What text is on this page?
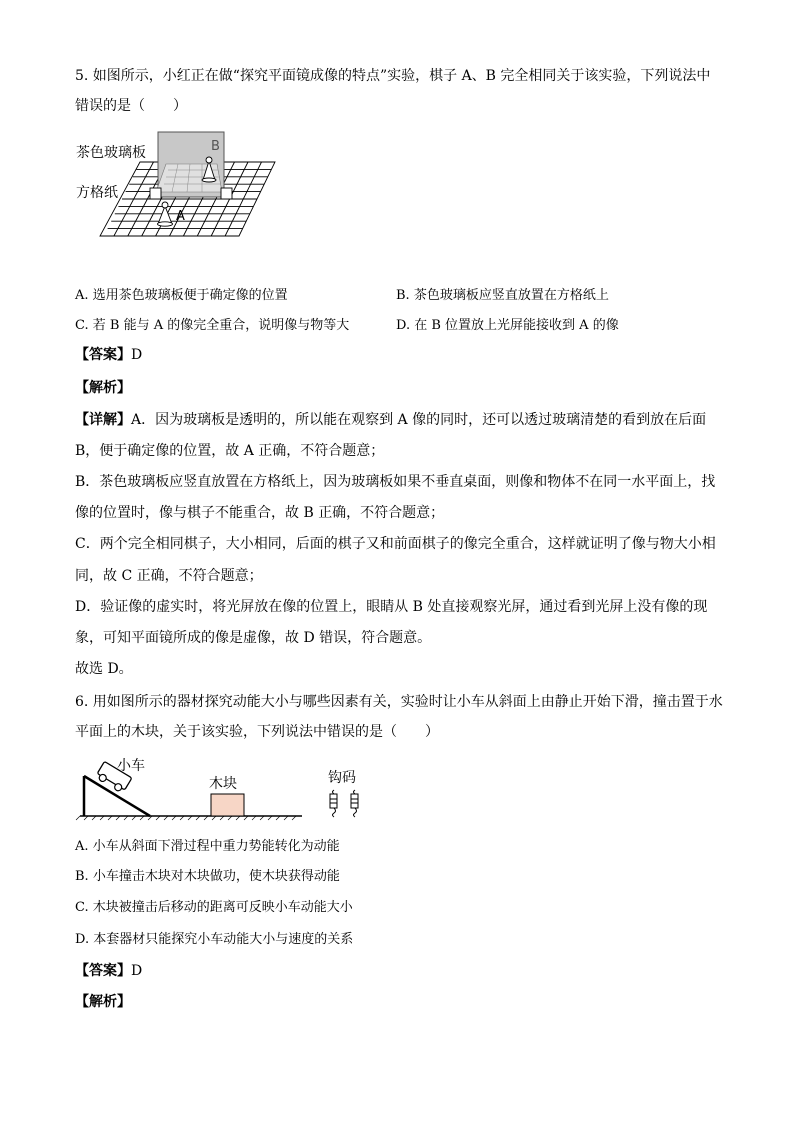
5. 如图所示，小红正在做“探究平面镜成像的特点”实验，棋子 A、B 完全相同关于该实验，下列说法中
错误的是（　　）
B
A
茶色玻璃板
方格纸
A. 选用茶色玻璃板便于确定像的位置	B. 茶色玻璃板应竖直放置在方格纸上
C. 若 B 能与 A 的像完全重合，说明像与物等大	D. 在 B 位置放上光屏能接收到 A 的像
【答案】D
【解析】
【详解】A．因为玻璃板是透明的，所以能在观察到 A 像的同时，还可以透过玻璃清楚的看到放在后面
B，便于确定像的位置，故 A 正确，不符合题意；
B．茶色玻璃板应竖直放置在方格纸上，因为玻璃板如果不垂直桌面，则像和物体不在同一水平面上，找
像的位置时，像与棋子不能重合，故 B 正确，不符合题意；
C．两个完全相同棋子，大小相同，后面的棋子又和前面棋子的像完全重合，这样就证明了像与物大小相
同，故 C 正确，不符合题意；
D．验证像的虚实时，将光屏放在像的位置上，眼睛从 B 处直接观察光屏，通过看到光屏上没有像的现
象，可知平面镜所成的像是虚像，故 D 错误，符合题意。
故选 D。
6. 用如图所示的器材探究动能大小与哪些因素有关，实验时让小车从斜面上由静止开始下滑，撞击置于水
平面上的木块，关于该实验，下列说法中错误的是（　　）
小车
木块	钩码
A. 小车从斜面下滑过程中重力势能转化为动能
B. 小车撞击木块对木块做功，使木块获得动能
C. 木块被撞击后移动的距离可反映小车动能大小
D. 本套器材只能探究小车动能大小与速度的关系
【答案】D
【解析】
